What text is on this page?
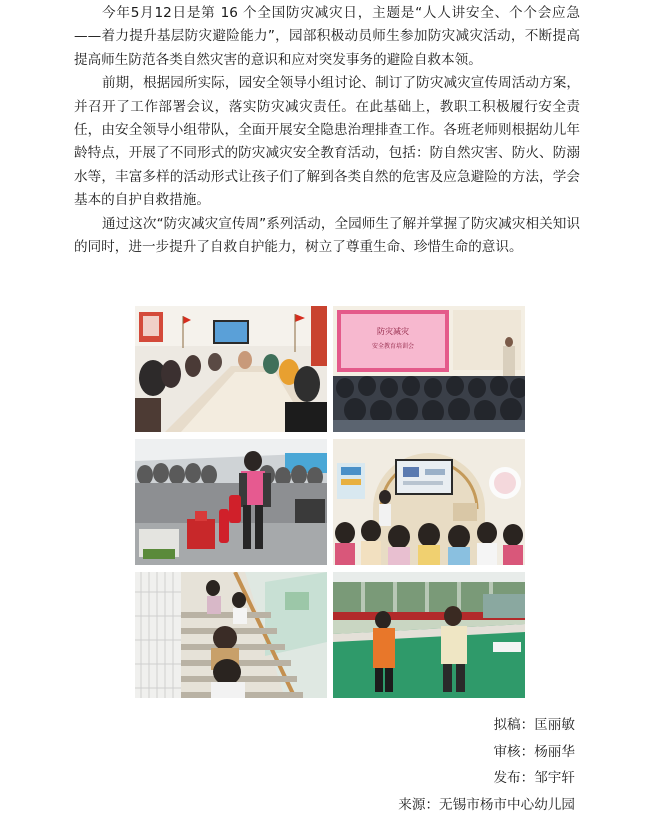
今年5月12日是第 16 个全国防灾减灾日，主题是“人人讲安全、个个会应急——着力提升基层防灾避险能力”，园部积极动员师生参加防灾减灾活动，不断提高提高师生防范各类自然灾害的意识和应对突发事务的避险自救本领。

前期，根据园所实际，园安全领导小组讨论、制订了防灾减灾宣传周活动方案，并召开了工作部署会议，落实防灾减灾责任。在此基础上，教职工积极履行安全责任，由安全领导小组带队，全面开展安全隐患治理排查工作。各班老师则根据幼儿年龄特点，开展了不同形式的防灾减灾安全教育活动，包括：防自然灾害、防火、防溺水等，丰富多样的活动形式让孩子们了解到各类自然的危害及应急避险的方法，学会基本的自护自救措施。

通过这次“防灾减灾宣传周”系列活动，全园师生了解并掌握了防灾减灾相关知识的同时，进一步提升了自救自护能力，树立了尊重生命、珍惜生命的意识。

防灾减灾
安全教育培训会
拟稿：匡丽敏
审核：杨丽华
发布：邹宇轩
来源：无锡市杨市中心幼儿园
